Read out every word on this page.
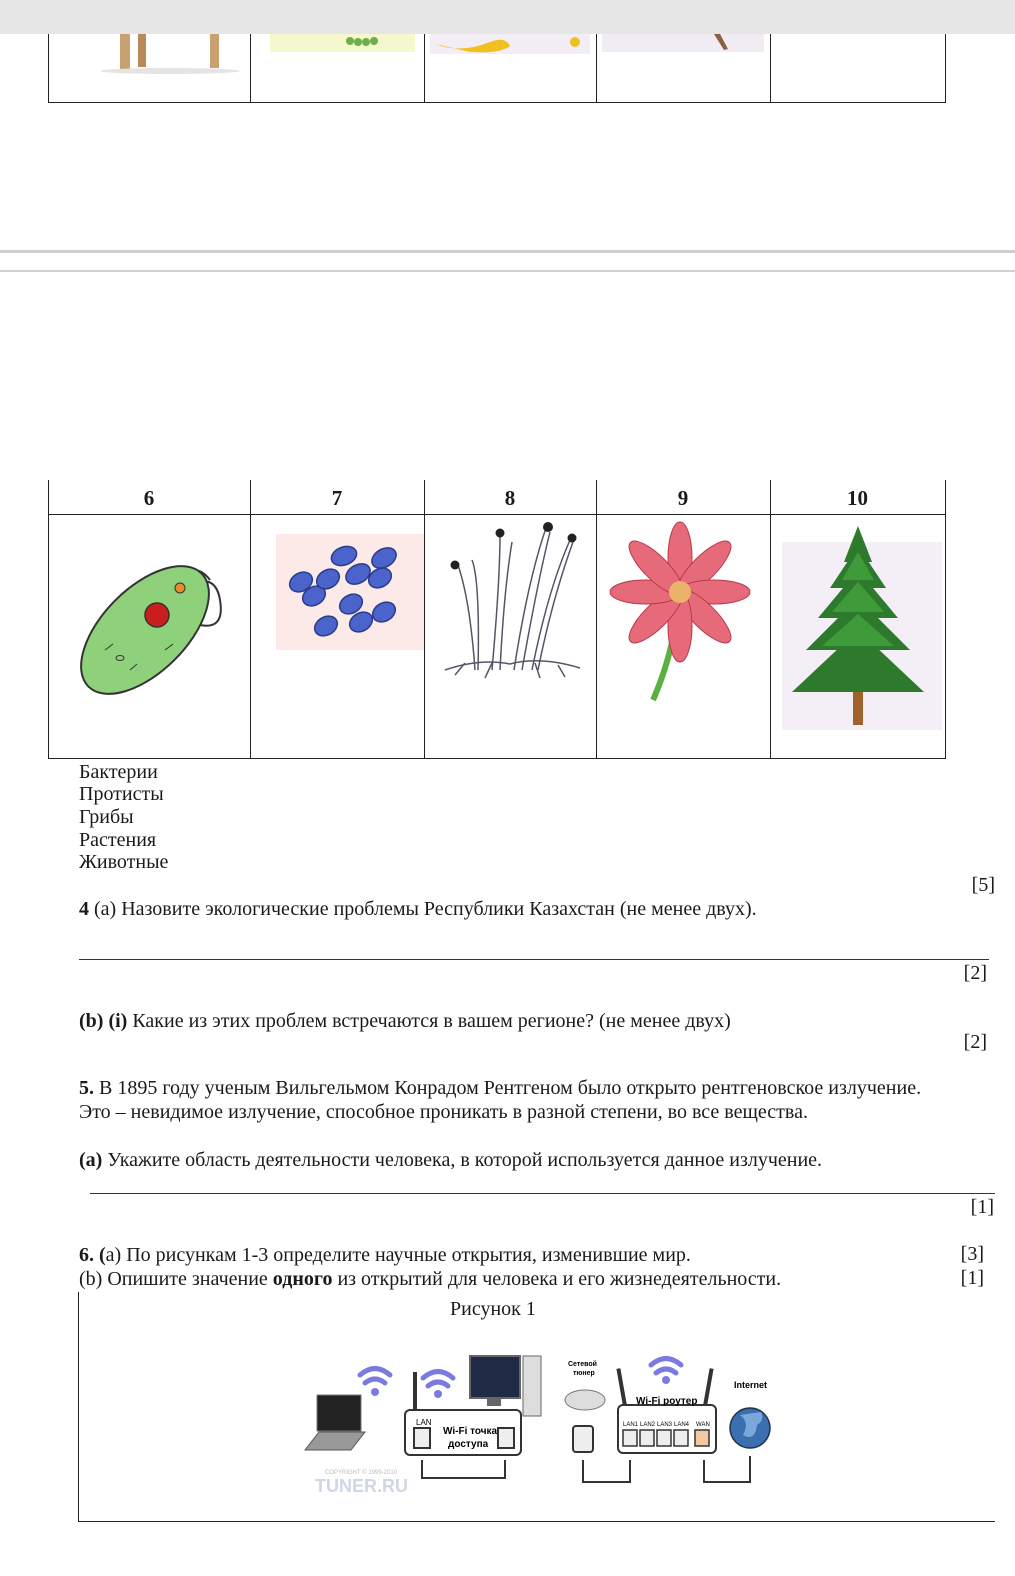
6	7	8	9	10
Бактерии
Протисты
Грибы
Растения
Животные
[5]
4 (а) Назовите экологические проблемы Республики Казахстан (не менее двух).
[2]
(b) (i) Какие из этих проблем встречаются в вашем регионе? (не менее двух)
[2]
5. В 1895 году ученым Вильгельмом Конрадом Рентгеном было открыто рентгеновское излучение.
Это – невидимое излучение, способное проникать в разной степени, во все вещества.
(а) Укажите область деятельности человека, в которой используется данное излучение.
[1]
6. (а) По рисункам 1-3 определите научные открытия, изменившие мир.	[3]
(b) Опишите значение одного из открытий для человека и его жизнедеятельности.	[1]
Рисунок 1
LAN
Wi-Fi точка
доступа
Сетевой
тюнер
Wi-Fi роутер
LAN1 LAN2 LAN3 LAN4 WAN
Internet
COPYRIGHT © 1999-2010
TUNER.RU
